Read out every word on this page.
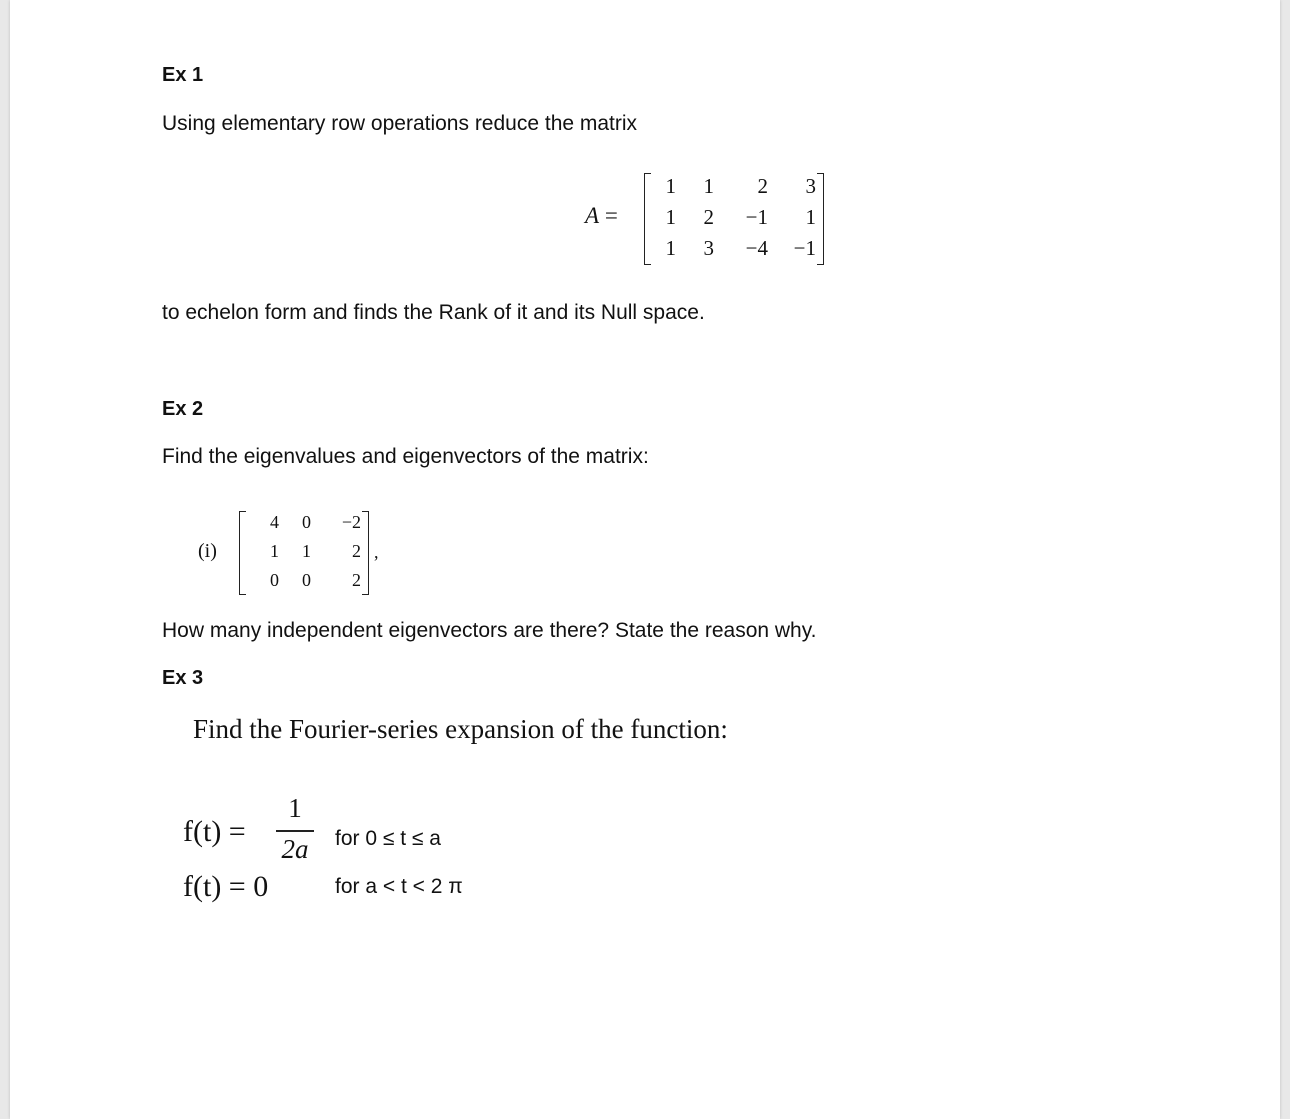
Ex 1
Using elementary row operations reduce the matrix
A =
1 1 2 3
1 2 −1 1
1 3 −4 −1
to echelon form and finds the Rank of it and its Null space.
Ex 2
Find the eigenvalues and eigenvectors of the matrix:
(i)
4 0 −2
1 1 2
0 0 2
,
How many independent eigenvectors are there? State the reason why.
Ex 3
Find the Fourier-series expansion of the function:
f(t) =
1
2a	for 0 ≤ t ≤ a
f(t) = 0	for a < t < 2 π
